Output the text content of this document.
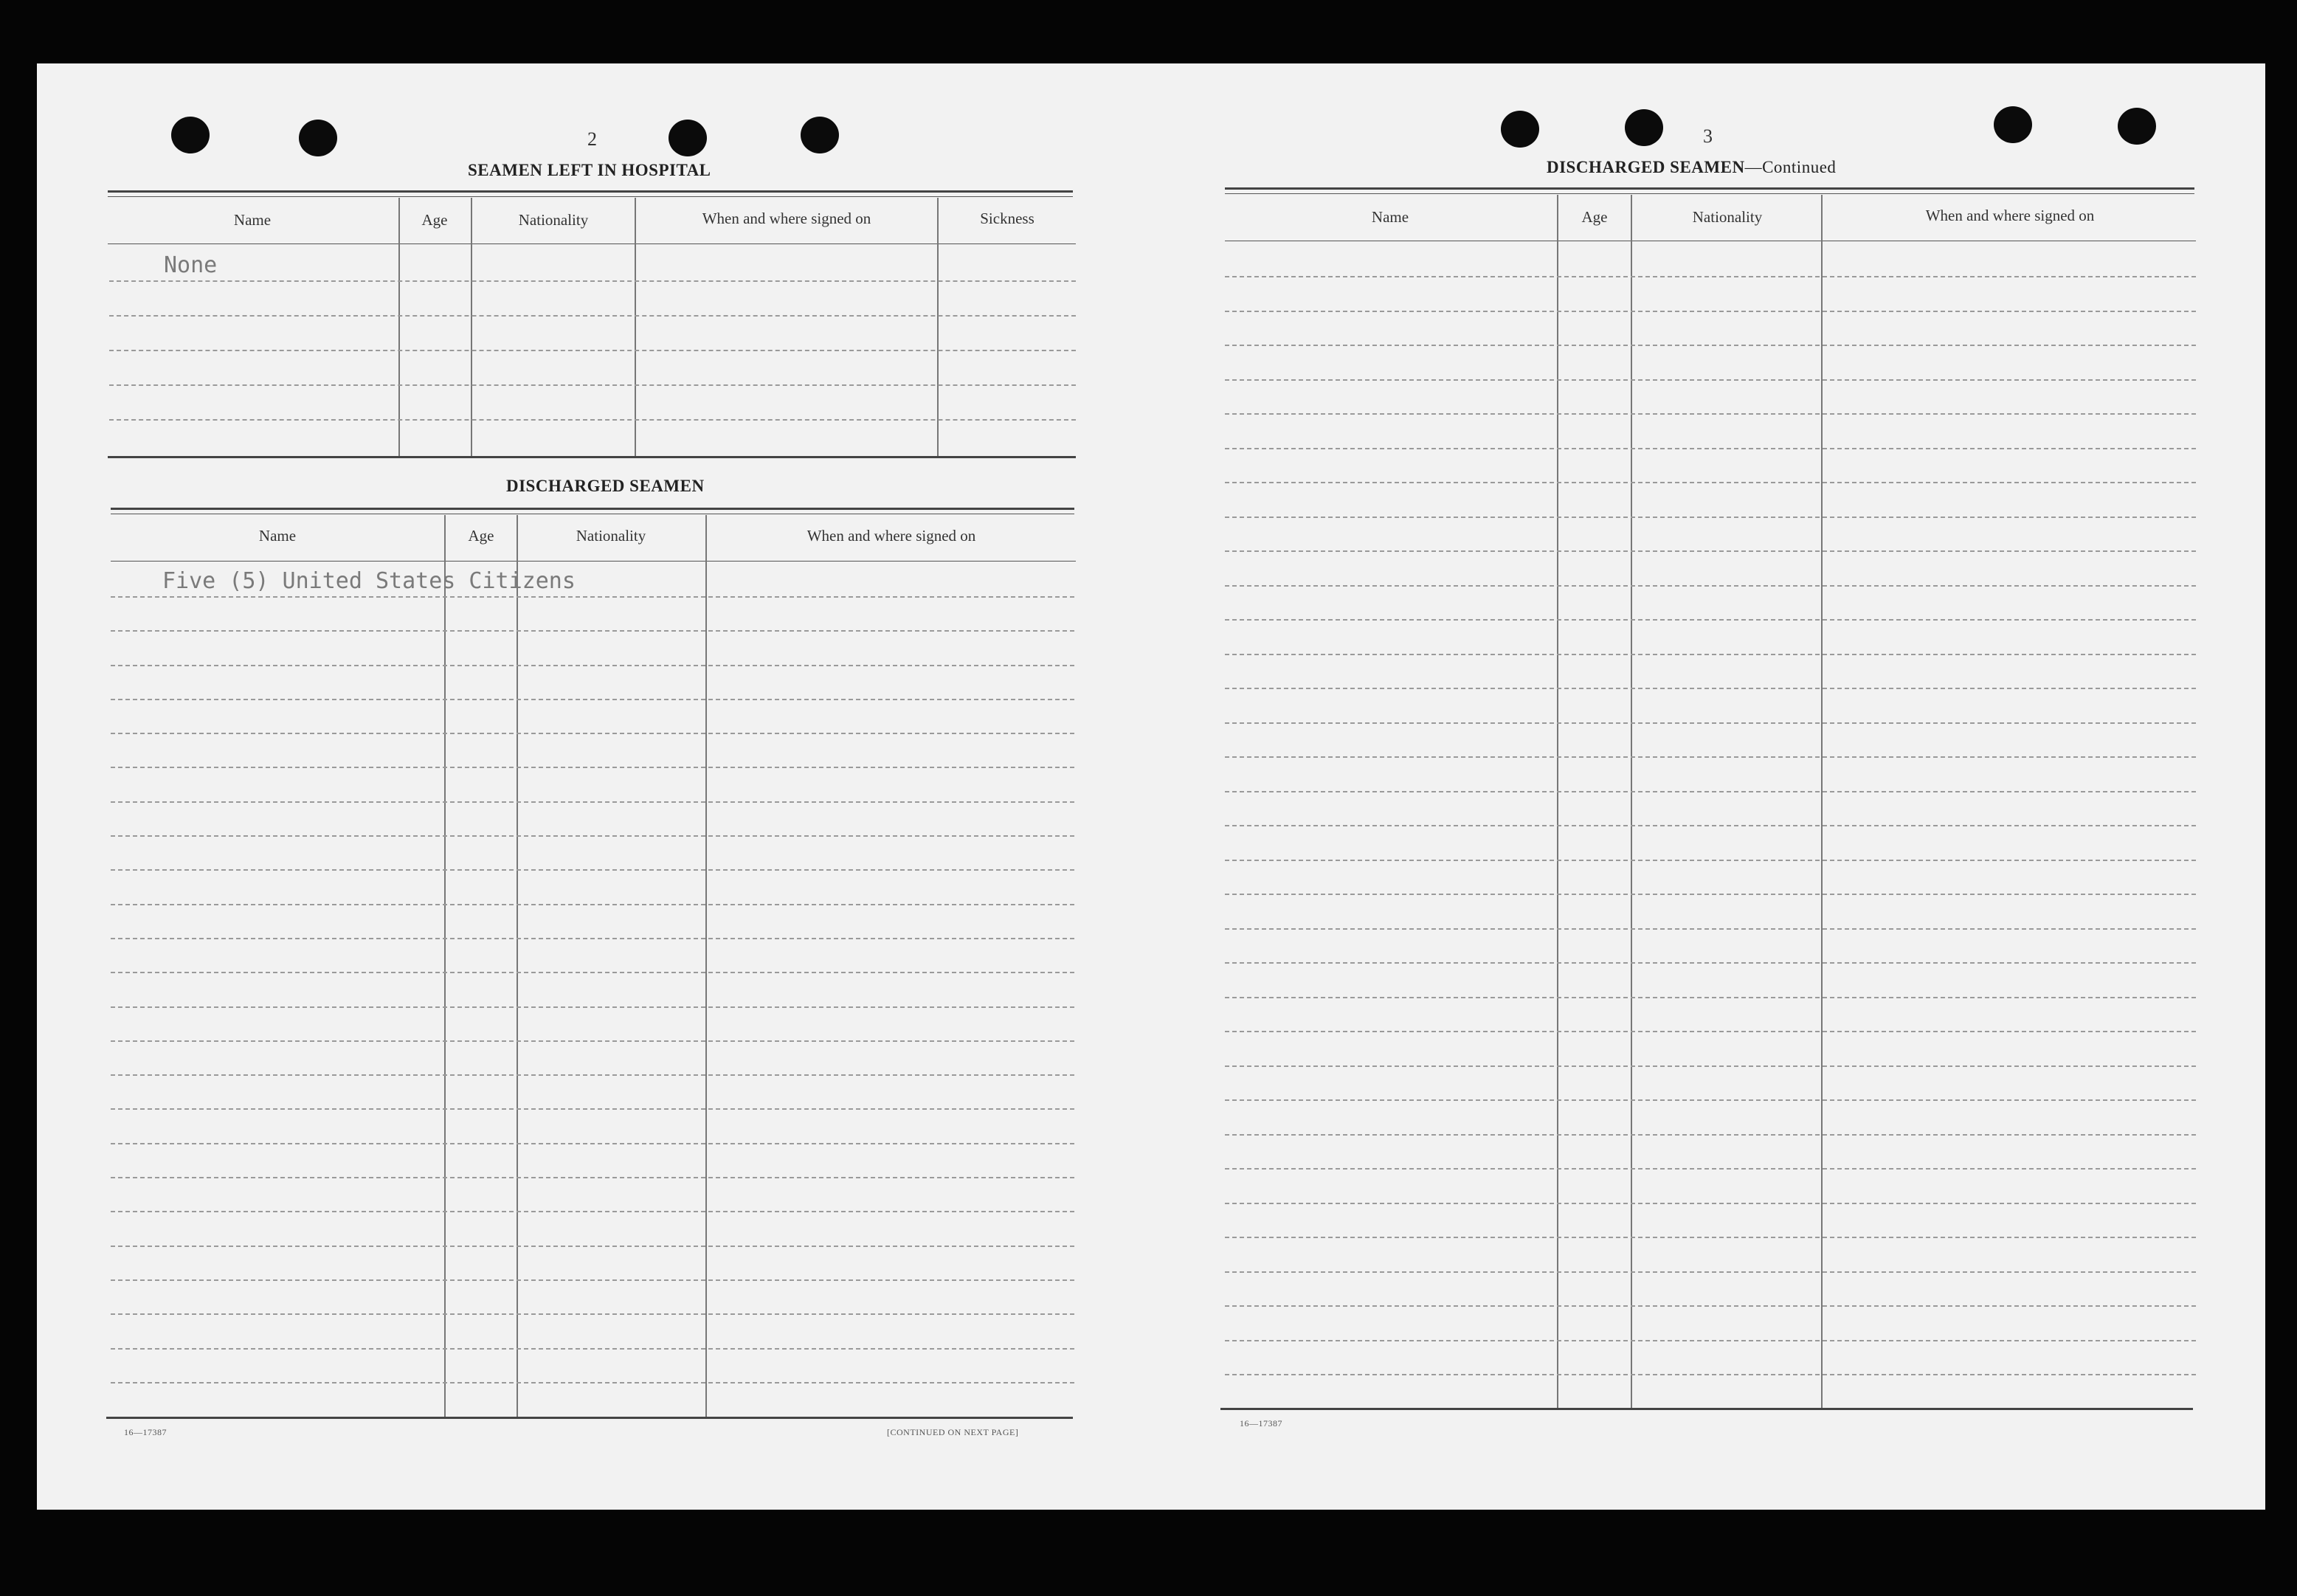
2
SEAMEN LEFT IN HOSPITAL
Name	Age	Nationality	When and where signed on	Sickness
None
DISCHARGED SEAMEN
Name	Age	Nationality	When and where signed on
Five (5) United States Citizens
16—17387	[CONTINUED ON NEXT PAGE]
3
DISCHARGED SEAMEN—Continued
Name	Age	Nationality	When and where signed on
16—17387
